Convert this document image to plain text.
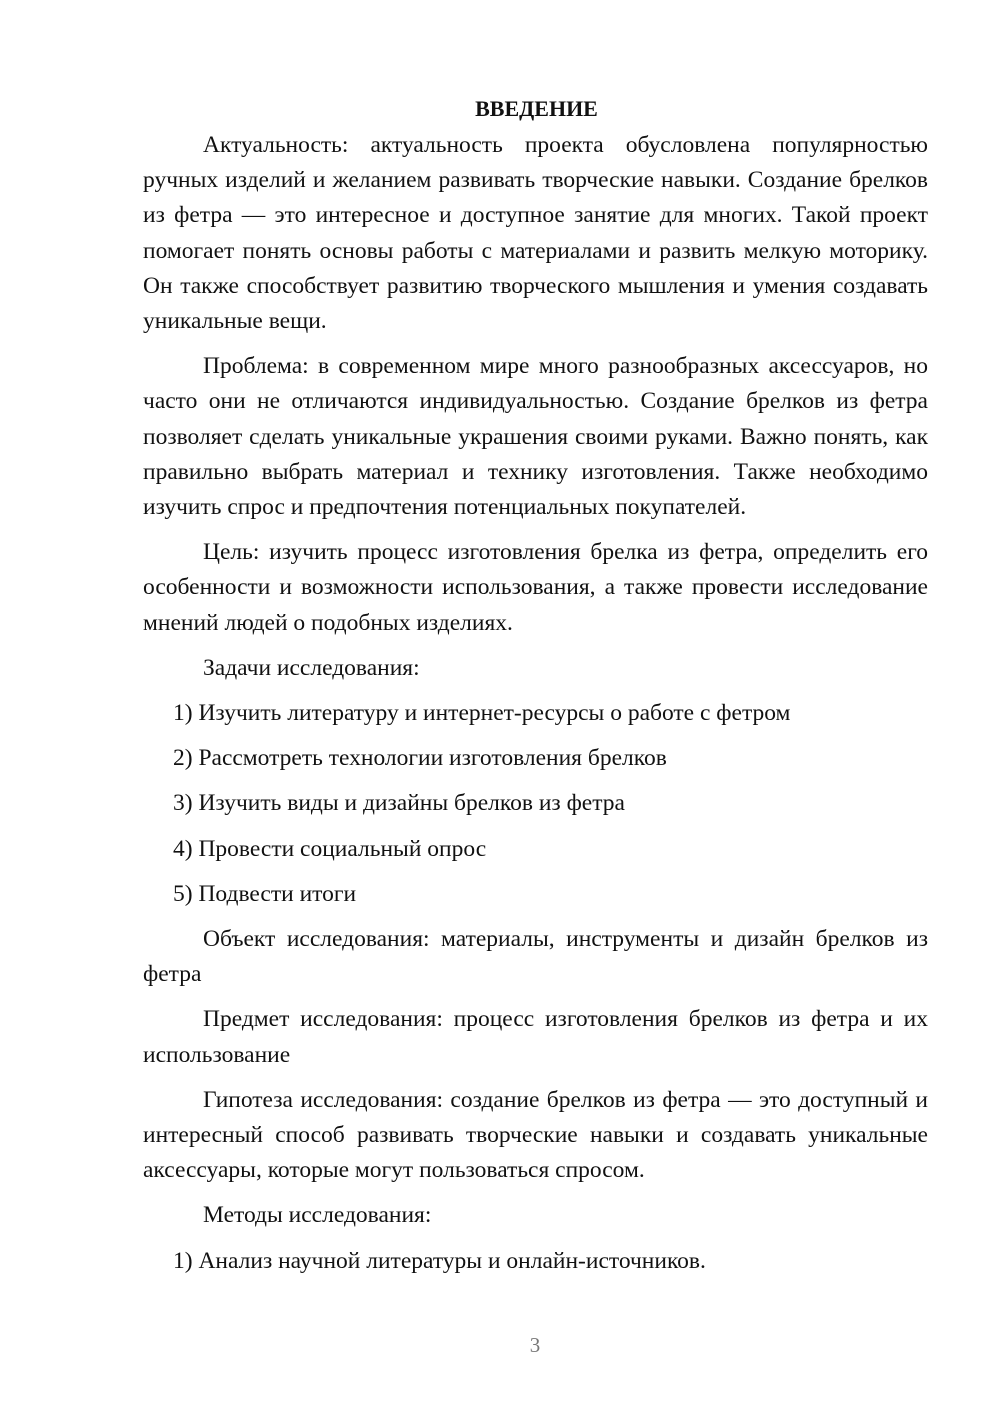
ВВЕДЕНИЕ

Актуальность: актуальность проекта обусловлена популярностью ручных изделий и желанием развивать творческие навыки. Создание брелков из фетра — это интересное и доступное занятие для многих. Такой проект помогает понять основы работы с материалами и развить мелкую моторику. Он также способствует развитию творческого мышления и умения создавать уникальные вещи.

Проблема: в современном мире много разнообразных аксессуаров, но часто они не отличаются индивидуальностью. Создание брелков из фетра позволяет сделать уникальные украшения своими руками. Важно понять, как правильно выбрать материал и технику изготовления. Также необходимо изучить спрос и предпочтения потенциальных покупателей.

Цель: изучить процесс изготовления брелка из фетра, определить его особенности и возможности использования, а также провести исследование мнений людей о подобных изделиях.

Задачи исследования:

1) Изучить литературу и интернет-ресурсы о работе с фетром

2) Рассмотреть технологии изготовления брелков

3) Изучить виды и дизайны брелков из фетра

4) Провести социальный опрос

5) Подвести итоги

Объект исследования: материалы, инструменты и дизайн брелков из фетра

Предмет исследования: процесс изготовления брелков из фетра и их использование

Гипотеза исследования: создание брелков из фетра — это доступный и интересный способ развивать творческие навыки и создавать уникальные аксессуары, которые могут пользоваться спросом.

Методы исследования:

1) Анализ научной литературы и онлайн-источников.

3
